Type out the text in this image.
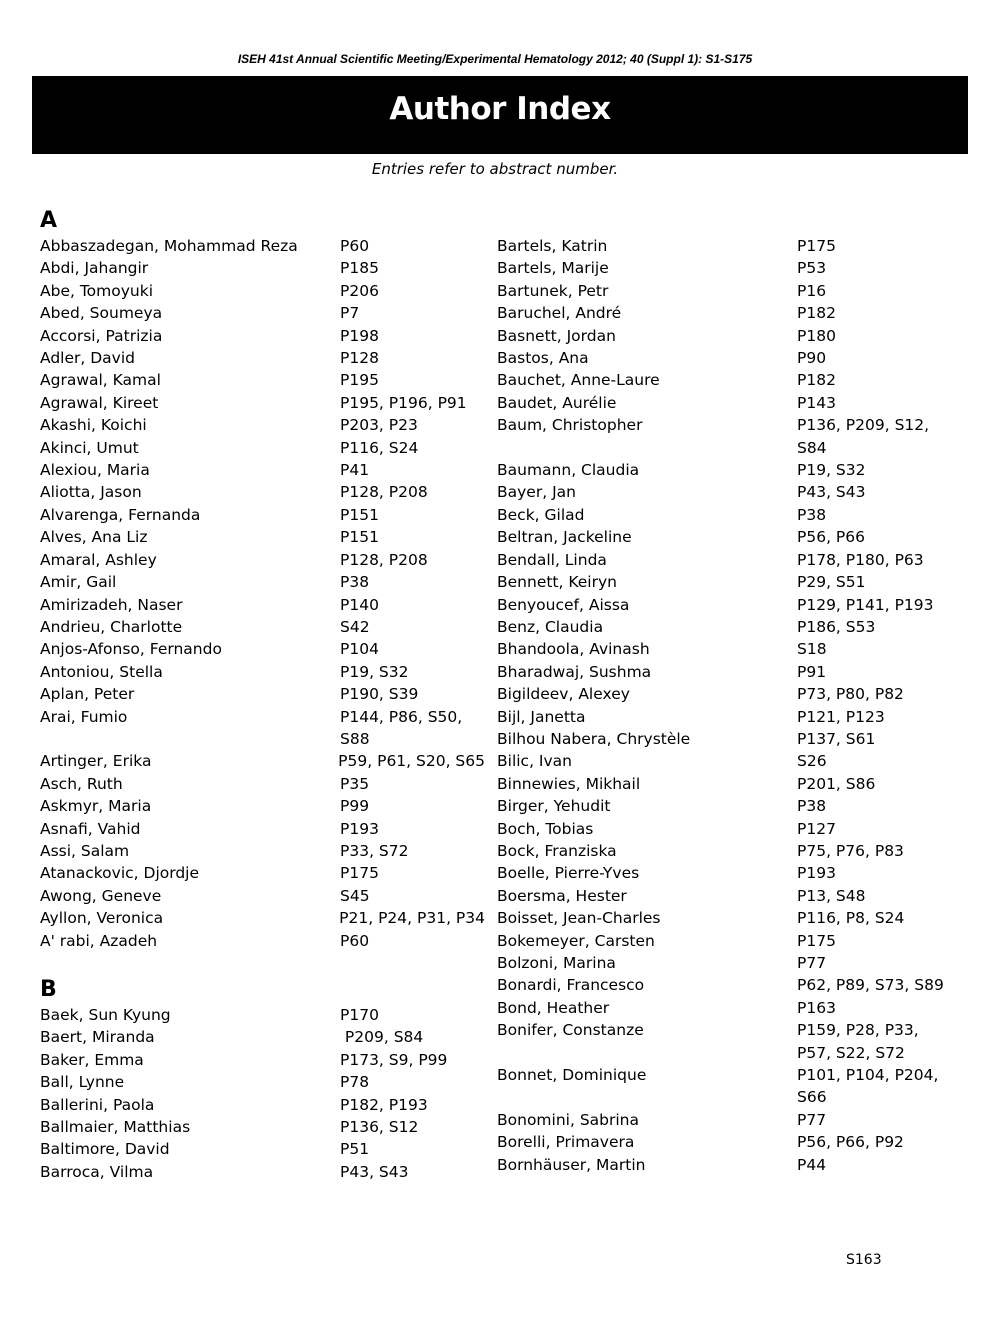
ISEH 41st Annual Scientific Meeting/Experimental Hematology 2012; 40 (Suppl 1): S1-S175
Author Index
Entries refer to abstract number.
A
Abbaszadegan, Mohammad Reza	P60
Abdi, Jahangir	P185
Abe, Tomoyuki	P206
Abed, Soumeya	P7
Accorsi, Patrizia	P198
Adler, David	P128
Agrawal, Kamal	P195
Agrawal, Kireet	P195, P196, P91
Akashi, Koichi	P203, P23
Akinci, Umut	P116, S24
Alexiou, Maria	P41
Aliotta, Jason	P128, P208
Alvarenga, Fernanda	P151
Alves, Ana Liz	P151
Amaral, Ashley	P128, P208
Amir, Gail	P38
Amirizadeh, Naser	P140
Andrieu, Charlotte	S42
Anjos-Afonso, Fernando	P104
Antoniou, Stella	P19, S32
Aplan, Peter	P190, S39
Arai, Fumio	P144, P86, S50,
S88
Artinger, Erika	P59, P61, S20, S65
Asch, Ruth	P35
Askmyr, Maria	P99
Asnafi, Vahid	P193
Assi, Salam	P33, S72
Atanackovic, Djordje	P175
Awong, Geneve	S45
Ayllon, Veronica	P21, P24, P31, P34
A' rabi, Azadeh	P60
B
Baek, Sun Kyung	P170
Baert, Miranda	P209, S84
Baker, Emma	P173, S9, P99
Ball, Lynne	P78
Ballerini, Paola	P182, P193
Ballmaier, Matthias	P136, S12
Baltimore, David	P51
Barroca, Vilma	P43, S43
Bartels, Katrin	P175
Bartels, Marije	P53
Bartunek, Petr	P16
Baruchel, André	P182
Basnett, Jordan	P180
Bastos, Ana	P90
Bauchet, Anne-Laure	P182
Baudet, Aurélie	P143
Baum, Christopher	P136, P209, S12,
S84
Baumann, Claudia	P19, S32
Bayer, Jan	P43, S43
Beck, Gilad	P38
Beltran, Jackeline	P56, P66
Bendall, Linda	P178, P180, P63
Bennett, Keiryn	P29, S51
Benyoucef, Aissa	P129, P141, P193
Benz, Claudia	P186, S53
Bhandoola, Avinash	S18
Bharadwaj, Sushma	P91
Bigildeev, Alexey	P73, P80, P82
Bijl, Janetta	P121, P123
Bilhou Nabera, Chrystèle	P137, S61
Bilic, Ivan	S26
Binnewies, Mikhail	P201, S86
Birger, Yehudit	P38
Boch, Tobias	P127
Bock, Franziska	P75, P76, P83
Boelle, Pierre-Yves	P193
Boersma, Hester	P13, S48
Boisset, Jean-Charles	P116, P8, S24
Bokemeyer, Carsten	P175
Bolzoni, Marina	P77
Bonardi, Francesco	P62, P89, S73, S89
Bond, Heather	P163
Bonifer, Constanze	P159, P28, P33,
P57, S22, S72
Bonnet, Dominique	P101, P104, P204,
S66
Bonomini, Sabrina	P77
Borelli, Primavera	P56, P66, P92
Bornhäuser, Martin	P44
S163
